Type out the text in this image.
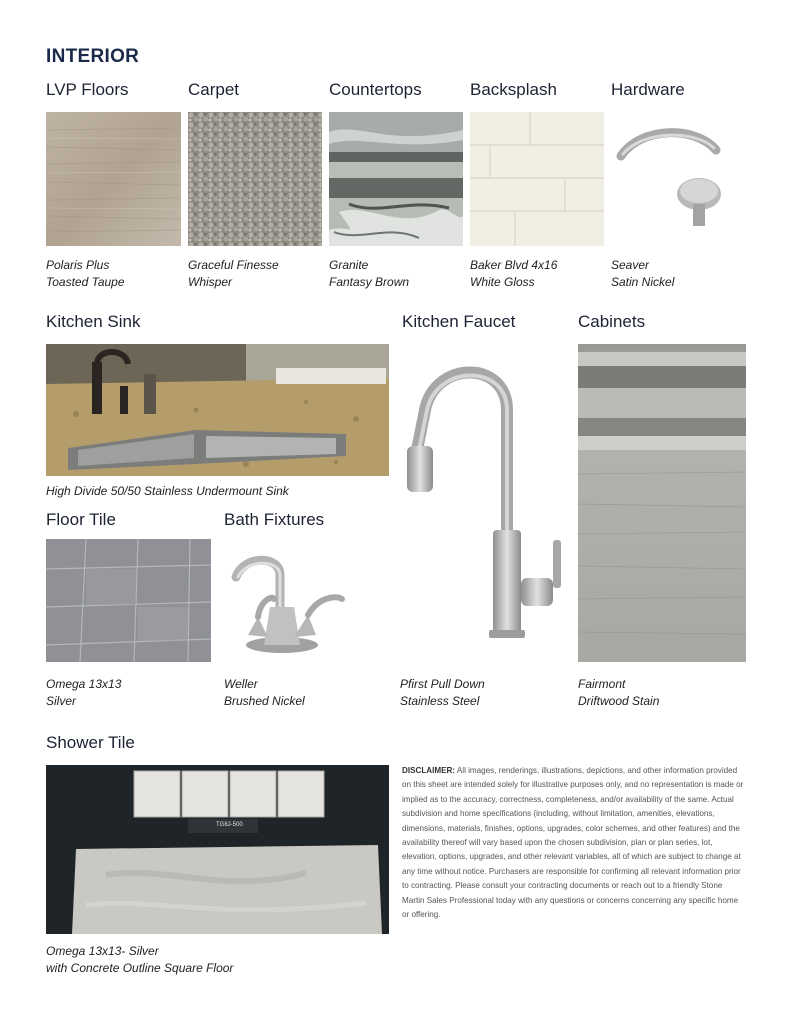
INTERIOR
LVP Floors	Carpet	Countertops	Backsplash	Hardware
Polaris Plus
Toasted Taupe
Graceful Finesse
Whisper
Granite
Fantasy Brown
Baker Blvd 4x16
White Gloss
Seaver
Satin Nickel
Kitchen Sink	Kitchen Faucet	Cabinets
High Divide 50/50 Stainless Undermount Sink
Pfirst Pull Down
Stainless Steel
Fairmont
Driftwood Stain
Floor Tile	Bath Fixtures
Omega 13x13
Silver
Weller
Brushed Nickel
Shower Tile
TG8J-500
Omega 13x13- Silver
with Concrete Outline Square Floor
DISCLAIMER: All images, renderings, illustrations, depictions, and other information provided on this sheet are intended solely for illustrative purposes only, and no representation is made or implied as to the accuracy, correctness, completeness, and/or availability of the same. Actual subdivision and home specifications (including, without limitation, amenities, elevations, dimensions, materials, finishes, options, upgrades, color schemes, and other features) and the availability thereof will vary based upon the chosen subdivision, plan or plan series, lot, elevation, options, upgrades, and other relevant variables, all of which are subject to change at any time without notice. Purchasers are responsible for confirming all relevant information prior to contracting. Please consult your contracting documents or reach out to a friendly Stone Martin Sales Professional today with any questions or concerns concerning any specific home or offering.
